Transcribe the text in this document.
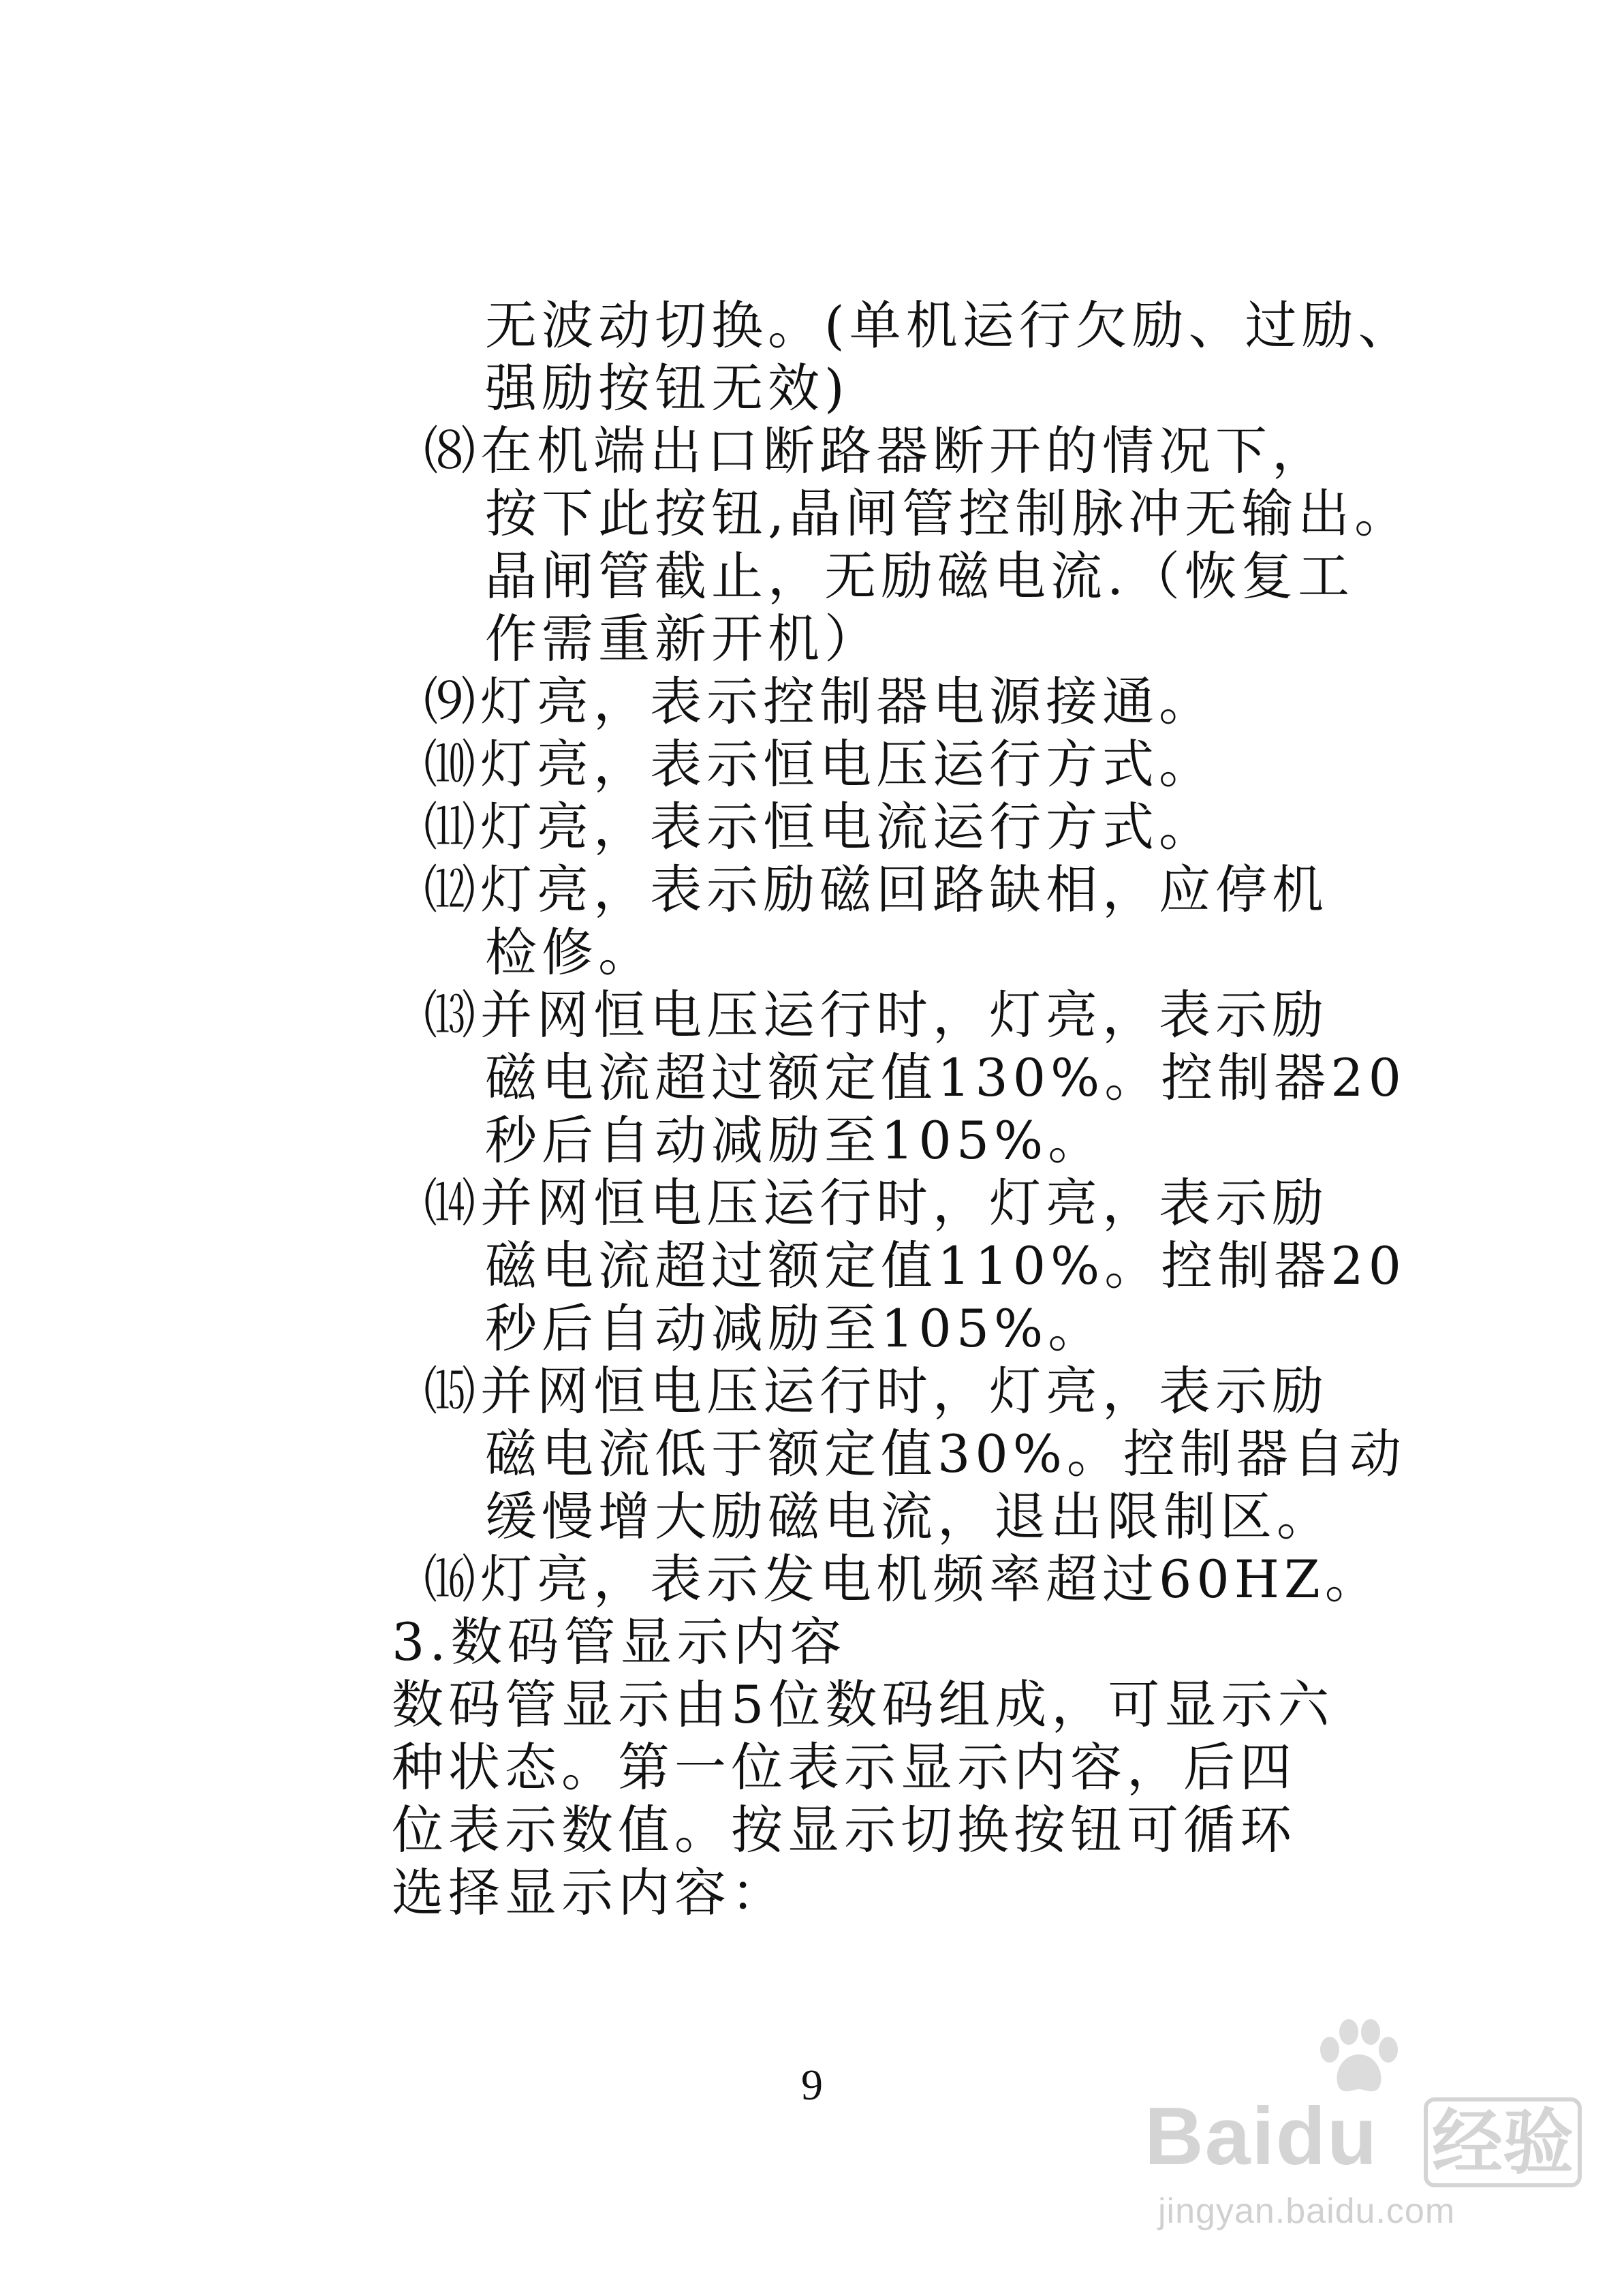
无波动切换。(单机运行欠励、过励、
强励按钮无效)
⑻在机端出口断路器断开的情况下，
按下此按钮,晶闸管控制脉冲无输出。
晶闸管截止，无励磁电流.（恢复工
作需重新开机）
⑼灯亮，表示控制器电源接通。
⑽灯亮，表示恒电压运行方式。
⑾灯亮，表示恒电流运行方式。
⑿灯亮，表示励磁回路缺相，应停机
检修。
⒀并网恒电压运行时，灯亮，表示励
磁电流超过额定值130%。控制器20
秒后自动减励至105%。
⒁并网恒电压运行时，灯亮，表示励
磁电流超过额定值110%。控制器20
秒后自动减励至105%。
⒂并网恒电压运行时，灯亮，表示励
磁电流低于额定值30%。控制器自动
缓慢增大励磁电流，退出限制区。
⒃灯亮，表示发电机频率超过60HZ。
3.数码管显示内容
数码管显示由5位数码组成，可显示六
种状态。第一位表示显示内容，后四
位表示数值。按显示切换按钮可循环
选择显示内容：
9
Baidu 经验
jingyan.baidu.com
